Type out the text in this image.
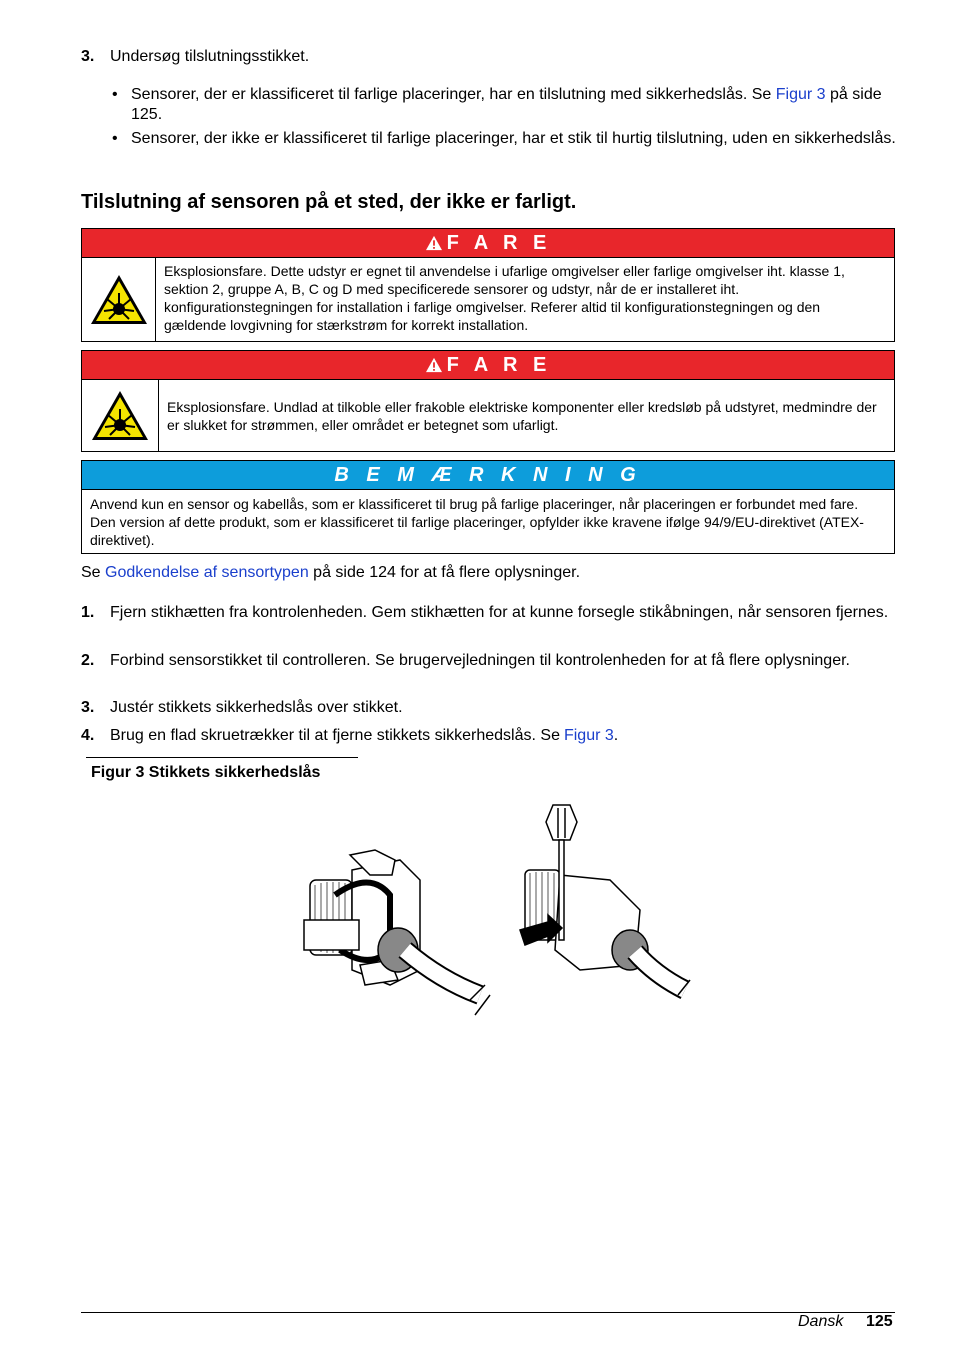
3. Undersøg tilslutningsstikket.
• Sensorer, der er klassificeret til farlige placeringer, har en tilslutning med sikkerhedslås. Se Figur 3 på side 125.
• Sensorer, der ikke er klassificeret til farlige placeringer, har et stik til hurtig tilslutning, uden en sikkerhedslås.
Tilslutning af sensoren på et sted, der ikke er farligt.
F A R E
Eksplosionsfare. Dette udstyr er egnet til anvendelse i ufarlige omgivelser eller farlige omgivelser iht. klasse 1, sektion 2, gruppe A, B, C og D med specificerede sensorer og udstyr, når de er installeret iht. konfigurationstegningen for installation i farlige omgivelser. Referer altid til konfigurationstegningen og den gældende lovgivning for stærkstrøm for korrekt installation.
F A R E
Eksplosionsfare. Undlad at tilkoble eller frakoble elektriske komponenter eller kredsløb på udstyret, medmindre der er slukket for strømmen, eller området er betegnet som ufarligt.
B E M Æ R K N I N G
Anvend kun en sensor og kabellås, som er klassificeret til brug på farlige placeringer, når placeringen er forbundet med fare. Den version af dette produkt, som er klassificeret til farlige placeringer, opfylder ikke kravene ifølge 94/9/EU-direktivet (ATEX-direktivet).
Se Godkendelse af sensortypen på side 124 for at få flere oplysninger.
1. Fjern stikhætten fra kontrolenheden. Gem stikhætten for at kunne forsegle stikåbningen, når sensoren fjernes.
2. Forbind sensorstikket til controlleren. Se brugervejledningen til kontrolenheden for at få flere oplysninger.
3. Justér stikkets sikkerhedslås over stikket.
4. Brug en flad skruetrækker til at fjerne stikkets sikkerhedslås. Se Figur 3.
Figur 3 Stikkets sikkerhedslås
Dansk 125
